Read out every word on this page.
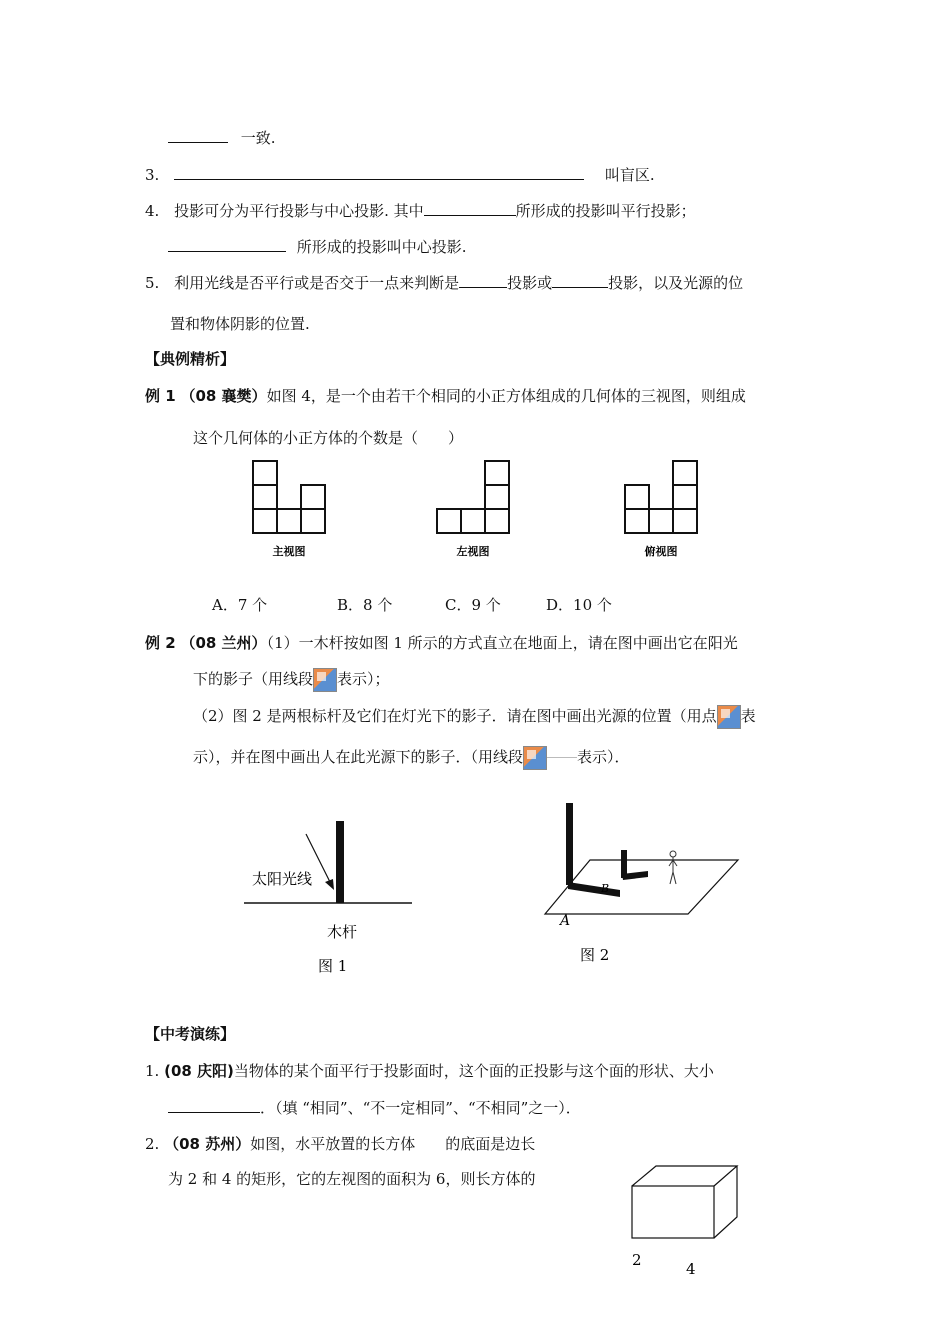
一致.
3.	叫盲区.
4. 投影可分为平行投影与中心投影. 其中	所形成的投影叫平行投影；
所形成的投影叫中心投影.
5. 利用光线是否平行或是否交于一点来判断是	投影或	投影，以及光源的位
置和物体阴影的位置.
【典例精析】
例 1 （08 襄樊）如图 4，是一个由若干个相同的小正方体组成的几何体的三视图，则组成
这个几何体的小正方体的个数是（　　）
主视图	左视图	俯视图
A．7 个	B．8 个	C．9 个	D．10 个
例 2 （08 兰州）（1）一木杆按如图 1 所示的方式直立在地面上，请在图中画出它在阳光
下的影子（用线段 表示）；
（2）图 2 是两根标杆及它们在灯光下的影子．请在图中画出光源的位置（用点 表
示），并在图中画出人在此光源下的影子．（用线段	表示）．
太阳光线
木杆
图 1
A
B
图 2
【中考演练】
1. (08 庆阳)当物体的某个面平行于投影面时，这个面的正投影与这个面的形状、大小
．（填 “相同”、“不一定相同”、“不相同”之一）．
2. （08 苏州）如图，水平放置的长方体　　的底面是边长
为 2 和 4 的矩形，它的左视图的面积为 6，则长方体的
2	4
